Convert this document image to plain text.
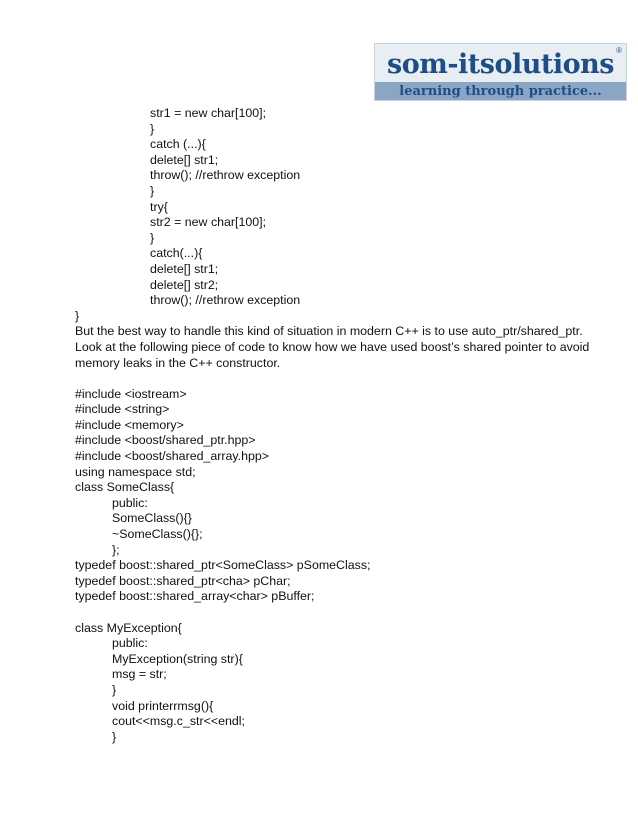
som-itsolutions ®
learning through practice...
str1 = new char[100];
}
catch (...){
delete[] str1;
throw(); //rethrow exception
}
try{
str2 = new char[100];
}
catch(...){
delete[] str1;
delete[] str2;
throw(); //rethrow exception
}
But the best way to handle this kind of situation in modern C++ is to use auto_ptr/shared_ptr.
Look at the following piece of code to know how we have used boost’s shared pointer to avoid
memory leaks in the C++ constructor.
#include <iostream>
#include <string>
#include <memory>
#include <boost/shared_ptr.hpp>
#include <boost/shared_array.hpp>
using namespace std;
class SomeClass{
public:
SomeClass(){}
~SomeClass(){};
};
typedef boost::shared_ptr<SomeClass> pSomeClass;
typedef boost::shared_ptr<cha> pChar;
typedef boost::shared_array<char> pBuffer;
class MyException{
public:
MyException(string str){
msg = str;
}
void printerrmsg(){
cout<<msg.c_str<<endl;
}
